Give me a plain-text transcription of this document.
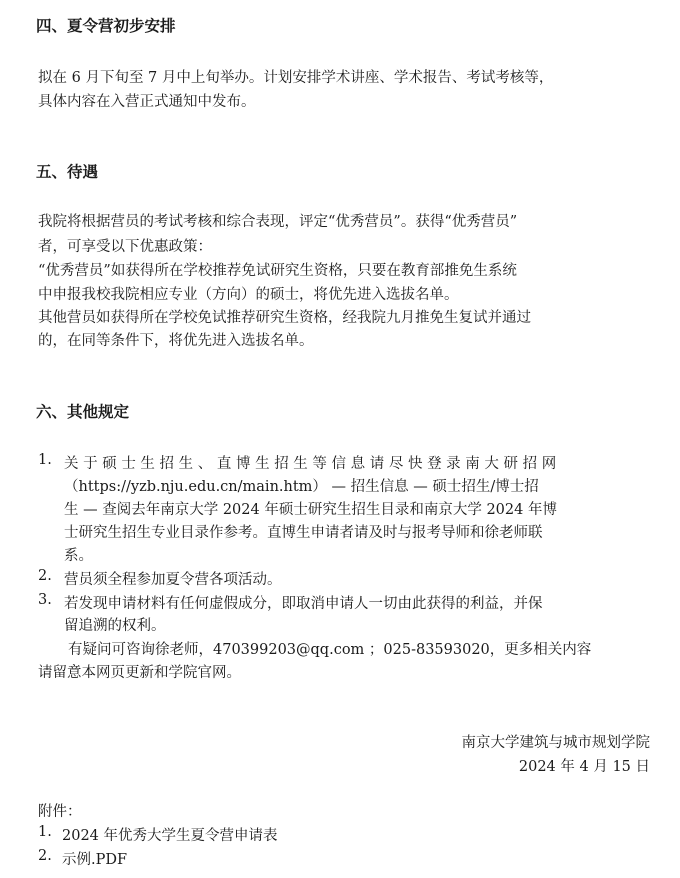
四、夏令营初步安排
拟在 6 月下旬至 7 月中上旬举办。计划安排学术讲座、学术报告、考试考核等，
具体内容在入营正式通知中发布。
五、待遇
我院将根据营员的考试考核和综合表现，评定“优秀营员”。获得“优秀营员”
者，可享受以下优惠政策：
“优秀营员”如获得所在学校推荐免试研究生资格，只要在教育部推免生系统
中申报我校我院相应专业（方向）的硕士，将优先进入选拔名单。
其他营员如获得所在学校免试推荐研究生资格，经我院九月推免生复试并通过
的，在同等条件下，将优先进入选拔名单。
六、其他规定
1. 关 于 硕 士 生 招 生 、 直 博 生 招 生 等 信 息 请 尽 快 登 录 南 大 研 招 网
（https://yzb.nju.edu.cn/main.htm） — 招生信息 — 硕士招生/博士招
生 — 查阅去年南京大学 2024 年硕士研究生招生目录和南京大学 2024 年博
士研究生招生专业目录作参考。直博生申请者请及时与报考导师和徐老师联
系。
2. 营员须全程参加夏令营各项活动。
3. 若发现申请材料有任何虚假成分，即取消申请人一切由此获得的利益，并保
留追溯的权利。
有疑问可咨询徐老师，470399203@qq.com ；025-83593020，更多相关内容
请留意本网页更新和学院官网。
南京大学建筑与城市规划学院
2024 年 4 月 15 日
附件：
1. 2024 年优秀大学生夏令营申请表
2. 示例.PDF
